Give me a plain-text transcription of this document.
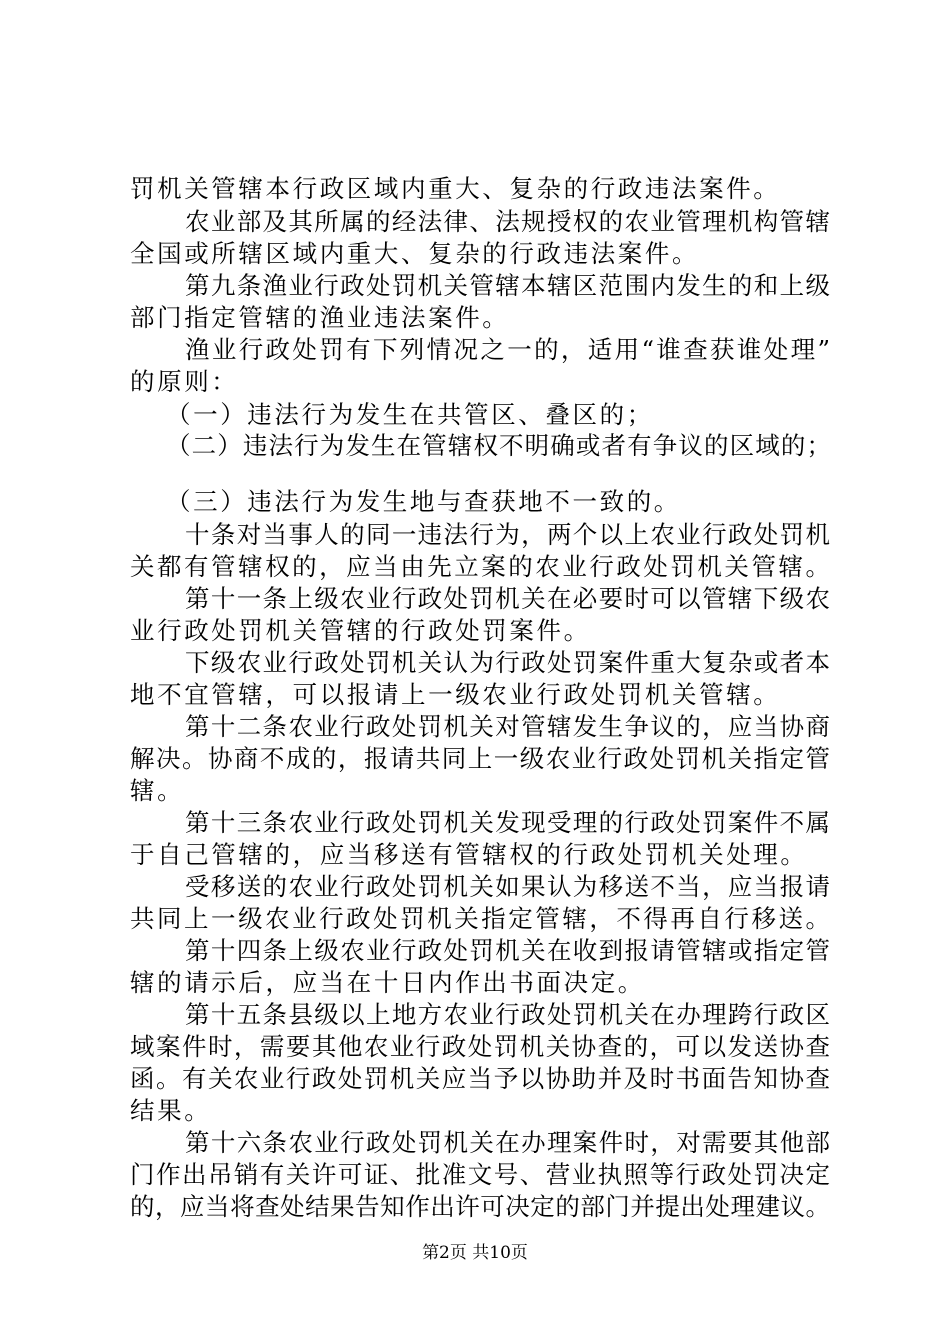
罚机关管辖本行政区域内重大、复杂的行政违法案件。
农业部及其所属的经法律、法规授权的农业管理机构管辖
全国或所辖区域内重大、复杂的行政违法案件。
第九条渔业行政处罚机关管辖本辖区范围内发生的和上级
部门指定管辖的渔业违法案件。
渔业行政处罚有下列情况之一的，适用“谁查获谁处理”
的原则：
（一）违法行为发生在共管区、叠区的；
（二）违法行为发生在管辖权不明确或者有争议的区域的；
（三）违法行为发生地与查获地不一致的。
十条对当事人的同一违法行为，两个以上农业行政处罚机
关都有管辖权的，应当由先立案的农业行政处罚机关管辖。
第十一条上级农业行政处罚机关在必要时可以管辖下级农
业行政处罚机关管辖的行政处罚案件。
下级农业行政处罚机关认为行政处罚案件重大复杂或者本
地不宜管辖，可以报请上一级农业行政处罚机关管辖。
第十二条农业行政处罚机关对管辖发生争议的，应当协商
解决。协商不成的，报请共同上一级农业行政处罚机关指定管
辖。
第十三条农业行政处罚机关发现受理的行政处罚案件不属
于自己管辖的，应当移送有管辖权的行政处罚机关处理。
受移送的农业行政处罚机关如果认为移送不当，应当报请
共同上一级农业行政处罚机关指定管辖，不得再自行移送。
第十四条上级农业行政处罚机关在收到报请管辖或指定管
辖的请示后，应当在十日内作出书面决定。
第十五条县级以上地方农业行政处罚机关在办理跨行政区
域案件时，需要其他农业行政处罚机关协查的，可以发送协查
函。有关农业行政处罚机关应当予以协助并及时书面告知协查
结果。
第十六条农业行政处罚机关在办理案件时，对需要其他部
门作出吊销有关许可证、批准文号、营业执照等行政处罚决定
的，应当将查处结果告知作出许可决定的部门并提出处理建议。
第2页 共10页
